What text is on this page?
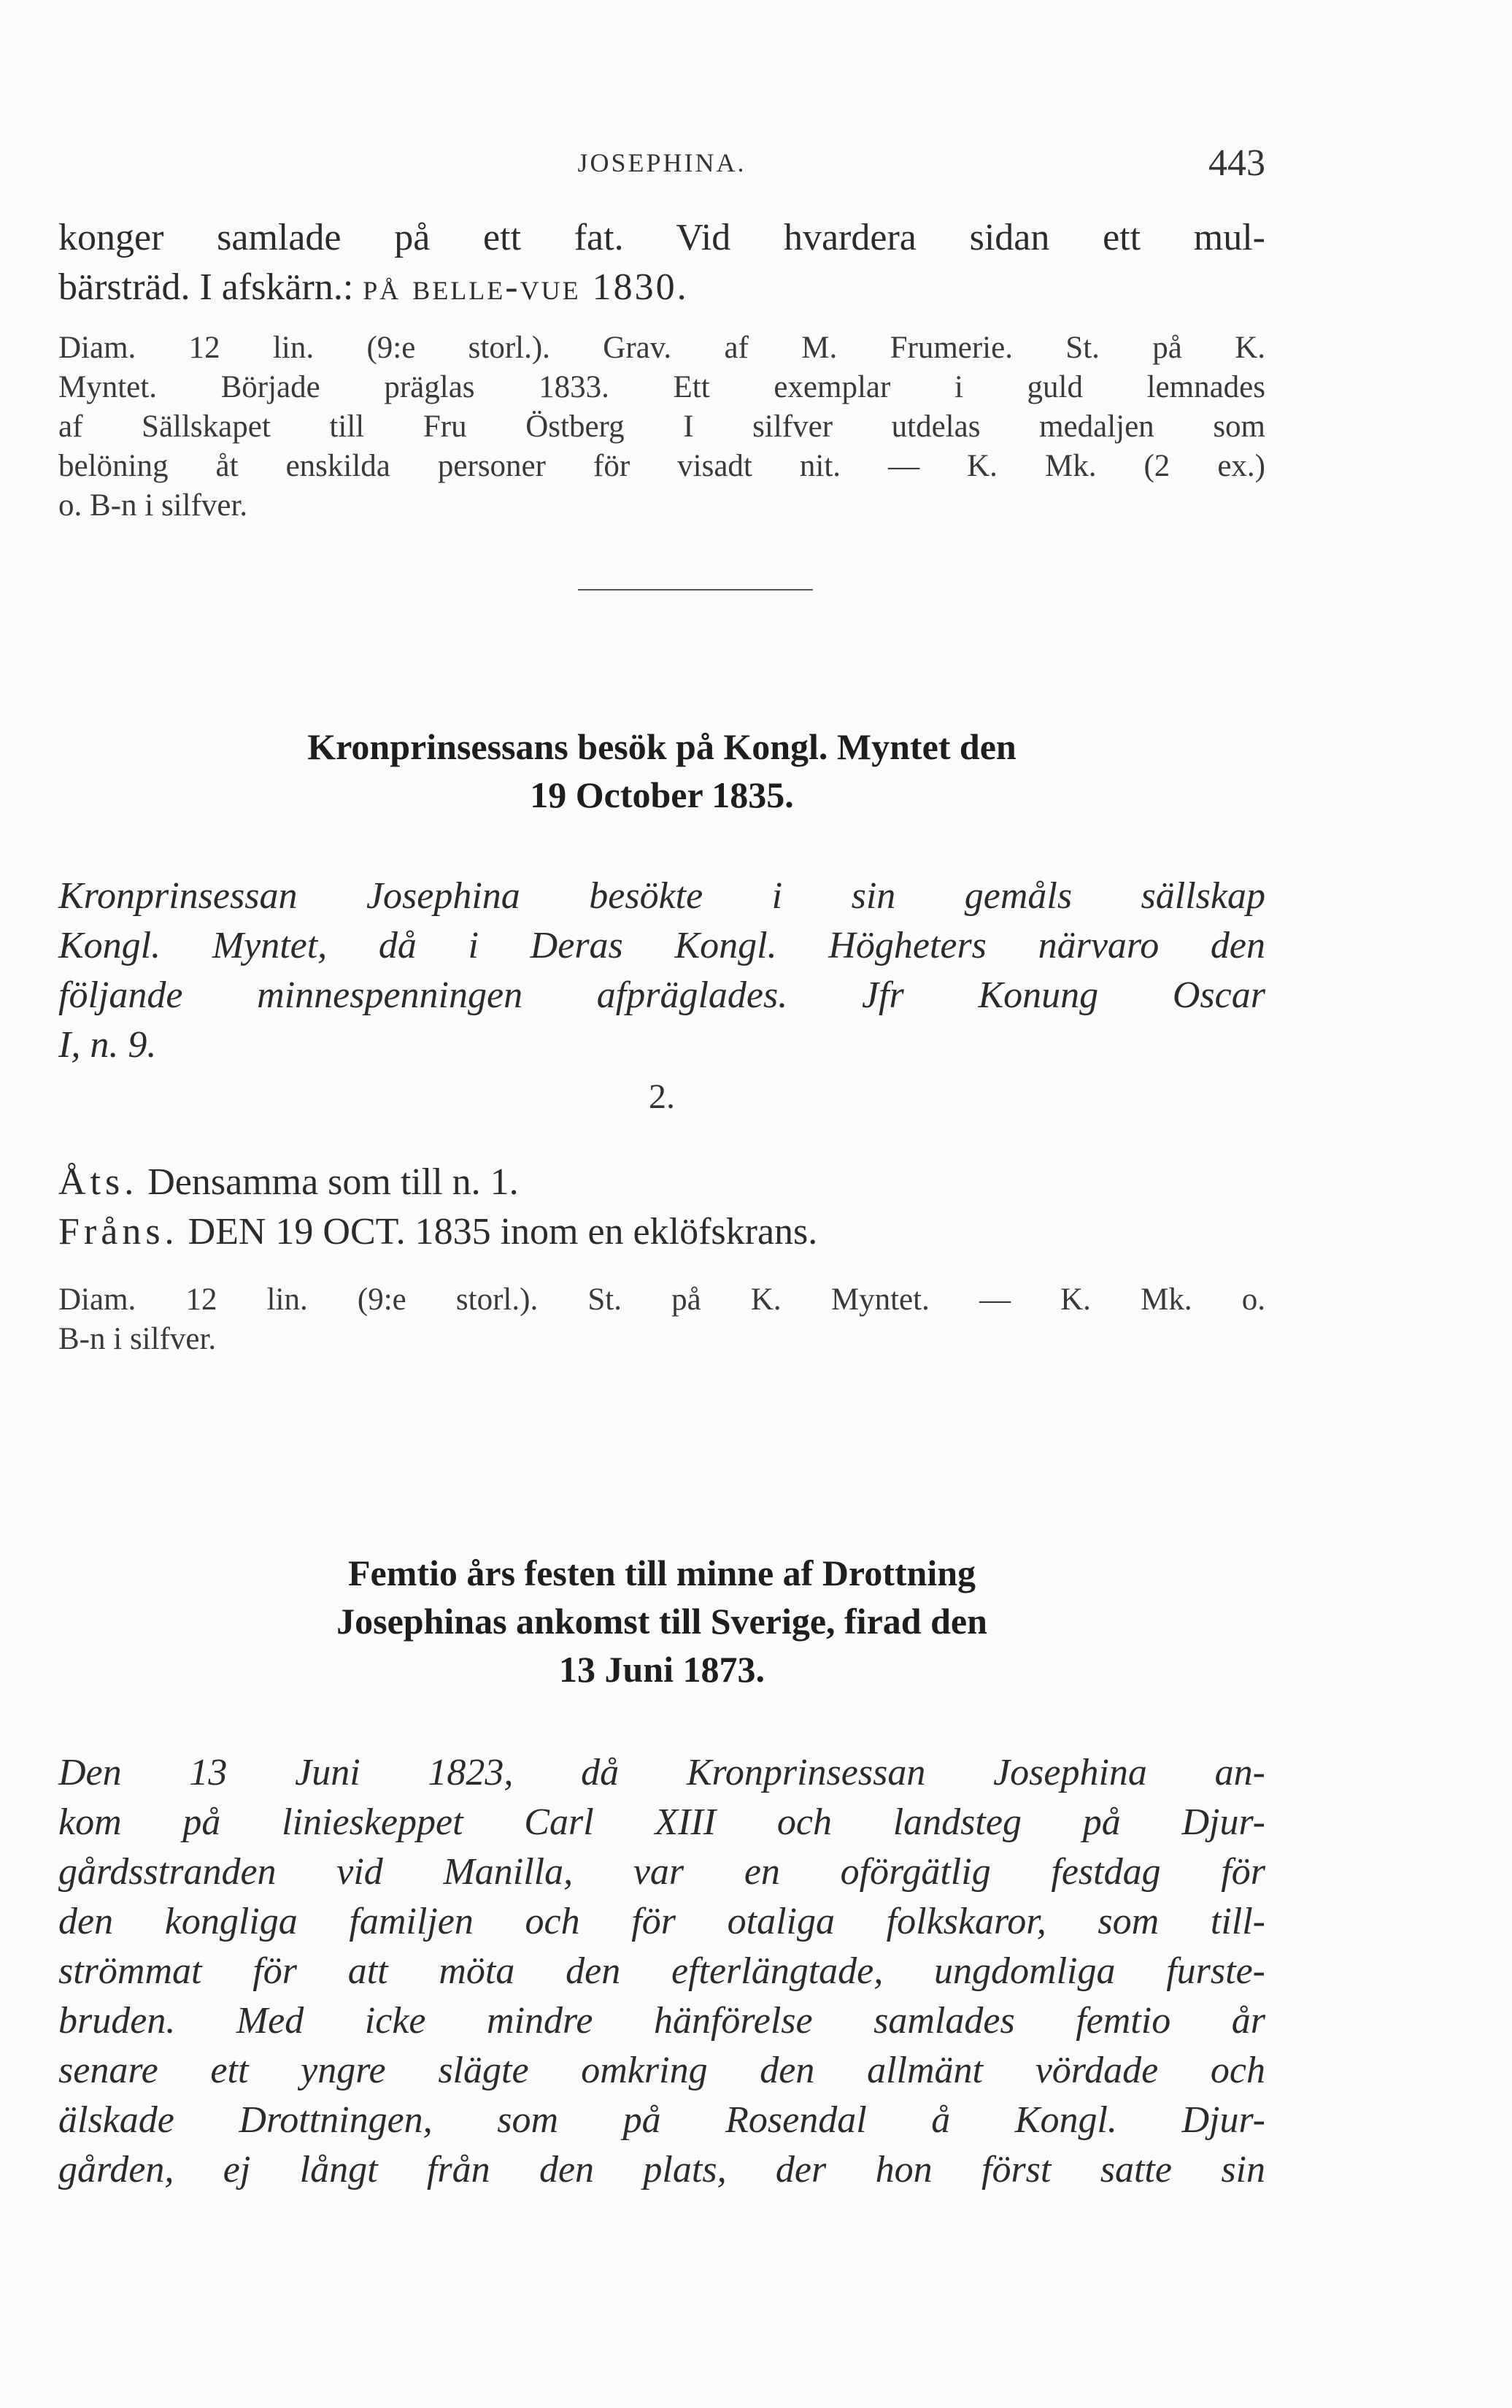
JOSEPHINA.	443
konger samlade på ett fat. Vid hvardera sidan ett mul-
bärsträd. I afskärn.: på belle-vue 1830.
Diam. 12 lin. (9:e storl.). Grav. af M. Frumerie. St. på K.
Myntet. Började präglas 1833. Ett exemplar i guld lemnades
af Sällskapet till Fru Östberg I silfver utdelas medaljen som
belöning åt enskilda personer för visadt nit. — K. Mk. (2 ex.)
o. B-n i silfver.
Kronprinsessans besök på Kongl. Myntet den
19 October 1835.
Kronprinsessan Josephina besökte i sin gemåls sällskap
Kongl. Myntet, då i Deras Kongl. Högheters närvaro den
följande minnespenningen afpräglades. Jfr Konung Oscar
I, n. 9.
2.
Åts. Densamma som till n. 1.
Fråns. DEN 19 OCT. 1835 inom en eklöfskrans.
Diam. 12 lin. (9:e storl.). St. på K. Myntet. — K. Mk. o.
B-n i silfver.
Femtio års festen till minne af Drottning
Josephinas ankomst till Sverige, firad den
13 Juni 1873.
Den 13 Juni 1823, då Kronprinsessan Josephina an-
kom på linieskeppet Carl XIII och landsteg på Djur-
gårdsstranden vid Manilla, var en oförgätlig festdag för
den kongliga familjen och för otaliga folkskaror, som till-
strömmat för att möta den efterlängtade, ungdomliga furste-
bruden. Med icke mindre hänförelse samlades femtio år
senare ett yngre slägte omkring den allmänt vördade och
älskade Drottningen, som på Rosendal å Kongl. Djur-
gården, ej långt från den plats, der hon först satte sin
